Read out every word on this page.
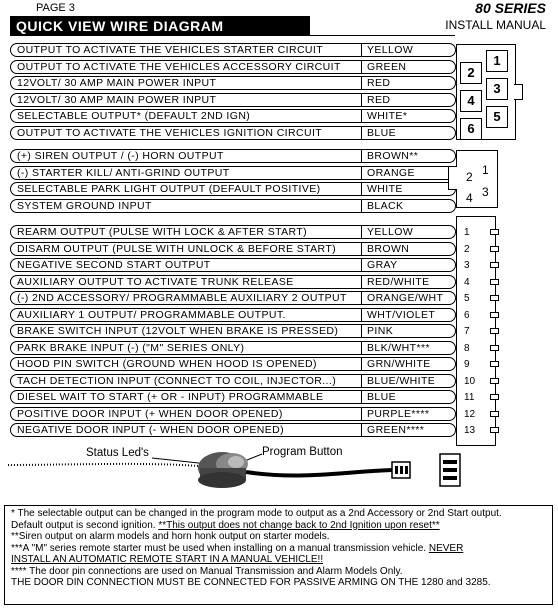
PAGE 3	80 SERIES
INSTALL MANUAL
QUICK VIEW WIRE DIAGRAM
OUTPUT TO ACTIVATE THE VEHICLES STARTER CIRCUIT	YELLOW
OUTPUT TO ACTIVATE THE VEHICLES ACCESSORY CIRCUIT GREEN
12VOLT/ 30 AMP MAIN POWER INPUT	RED
12VOLT/ 30 AMP MAIN POWER INPUT	RED
SELECTABLE OUTPUT* (DEFAULT 2ND IGN)	WHITE*
OUTPUT TO ACTIVATE THE VEHICLES IGNITION CIRCUIT	BLUE
(+) SIREN OUTPUT / (-) HORN OUTPUT	BROWN**
(-) STARTER KILL/ ANTI-GRIND OUTPUT	ORANGE
SELECTABLE PARK LIGHT OUTPUT (DEFAULT POSITIVE)	WHITE
SYSTEM GROUND INPUT	BLACK
REARM OUTPUT (PULSE WITH LOCK & AFTER START)	YELLOW
DISARM OUTPUT (PULSE WITH UNLOCK & BEFORE START)	BROWN
NEGATIVE SECOND START OUTPUT	GRAY
AUXILIARY OUTPUT TO ACTIVATE TRUNK RELEASE	RED/WHITE
(-) 2ND ACCESSORY/ PROGRAMMABLE AUXILIARY 2 OUTPUT ORANGE/WHT
AUXILIARY 1 OUTPUT/ PROGRAMMABLE OUTPUT.	WHT/VIOLET
BRAKE SWITCH INPUT (12VOLT WHEN BRAKE IS PRESSED)	PINK
PARK BRAKE INPUT (-) ("M" SERIES ONLY)	BLK/WHT***
HOOD PIN SWITCH (GROUND WHEN HOOD IS OPENED)	GRN/WHITE
TACH DETECTION INPUT (CONNECT TO COIL, INJECTOR...)	BLUE/WHITE
DIESEL WAIT TO START (+ OR - INPUT) PROGRAMMABLE	BLUE
POSITIVE DOOR INPUT (+ WHEN DOOR OPENED)	PURPLE****
NEGATIVE DOOR INPUT (- WHEN DOOR OPENED)	GREEN****
1
2
3
4
5
6
1
2
3
4
1
2
3
4
5
6
7
8
9
10
11
12
13
Status Led's	Program Button

* The selectable output can be changed in the program mode to output as a 2nd Accessory or 2nd Start output.

Default output is second ignition. **This output does not change back to 2nd Ignition upon reset**

**Siren output on alarm models and horn honk output on starter models.

***A "M" series remote starter must be used when installing on a manual transmission vehicle. NEVER

INSTALL AN AUTOMATIC REMOTE START IN A MANUAL VEHICLE!!

**** The door pin connections are used on Manual Transmission and Alarm Models Only.

THE DOOR DIN CONNECTION MUST BE CONNECTED FOR PASSIVE ARMING ON THE 1280 and 3285.
